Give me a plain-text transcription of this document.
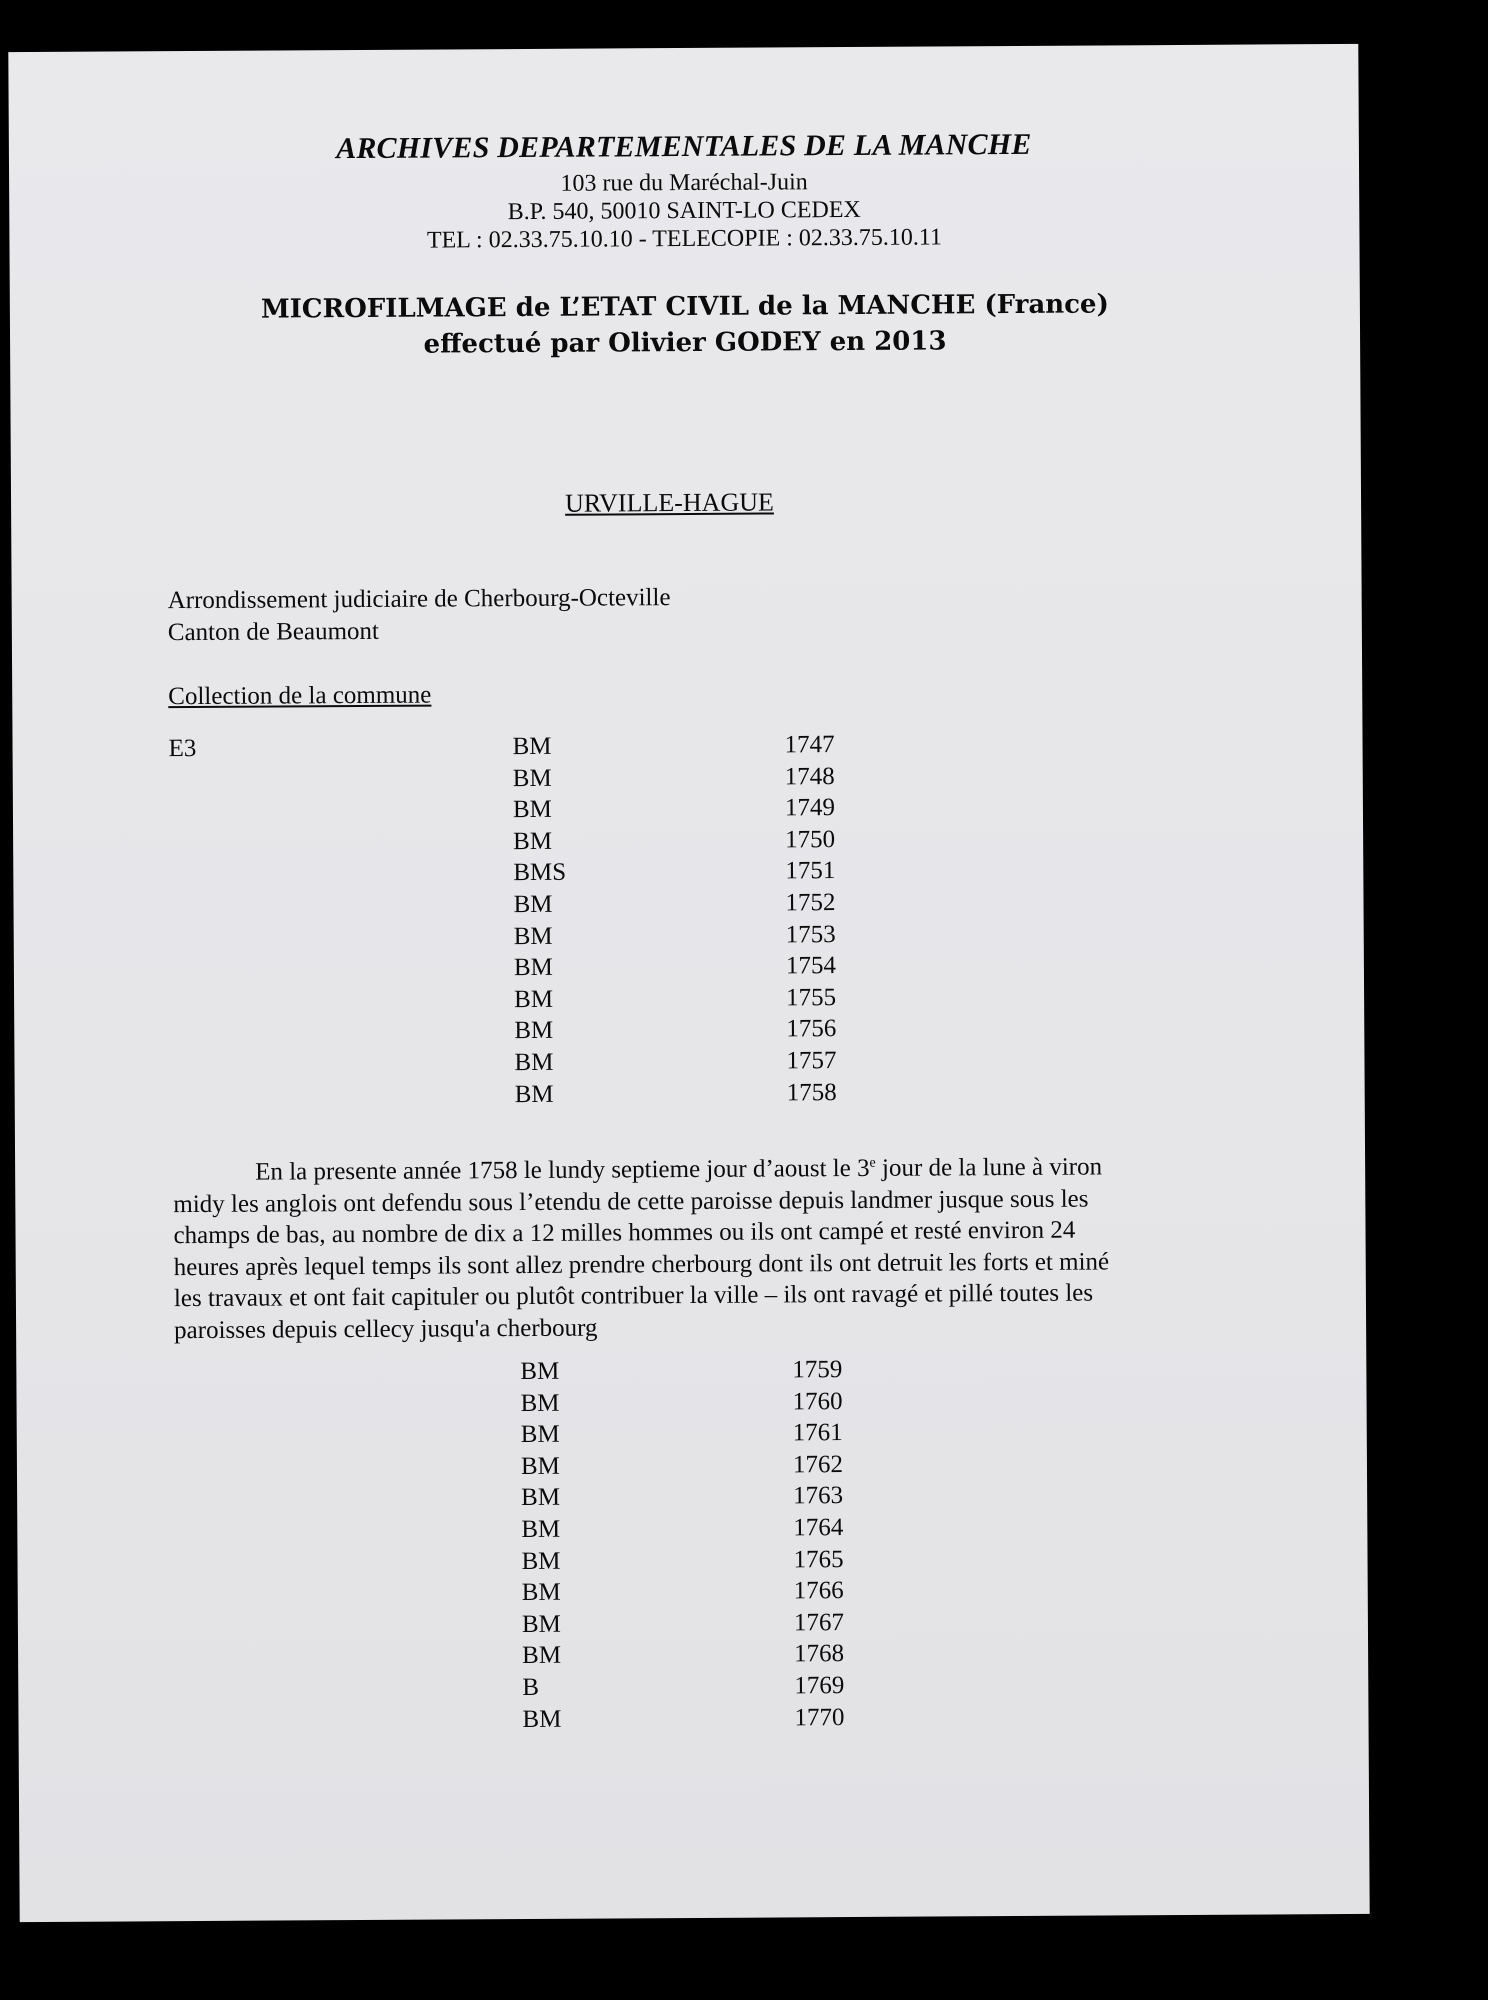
ARCHIVES DEPARTEMENTALES DE LA MANCHE
103 rue du Maréchal-Juin
B.P. 540, 50010 SAINT-LO CEDEX
TEL : 02.33.75.10.10 - TELECOPIE : 02.33.75.10.11
MICROFILMAGE de L’ETAT CIVIL de la MANCHE (France)
effectué par Olivier GODEY en 2013
URVILLE-HAGUE
Arrondissement judiciaire de Cherbourg-Octeville
Canton de Beaumont
Collection de la commune
E3	BM	1747
BM	1748
BM	1749
BM	1750
BMS	1751
BM	1752
BM	1753
BM	1754
BM	1755
BM	1756
BM	1757
BM	1758
En la presente année 1758 le lundy septieme jour d’aoust le 3e jour de la lune à viron
midy les anglois ont defendu sous l’etendu de cette paroisse depuis landmer jusque sous les
champs de bas, au nombre de dix a 12 milles hommes ou ils ont campé et resté environ 24
heures après lequel temps ils sont allez prendre cherbourg dont ils ont detruit les forts et miné
les travaux et ont fait capituler ou plutôt contribuer la ville – ils ont ravagé et pillé toutes les
paroisses depuis cellecy jusqu'a cherbourg
BM	1759
BM	1760
BM	1761
BM	1762
BM	1763
BM	1764
BM	1765
BM	1766
BM	1767
BM	1768
B	1769
BM	1770
